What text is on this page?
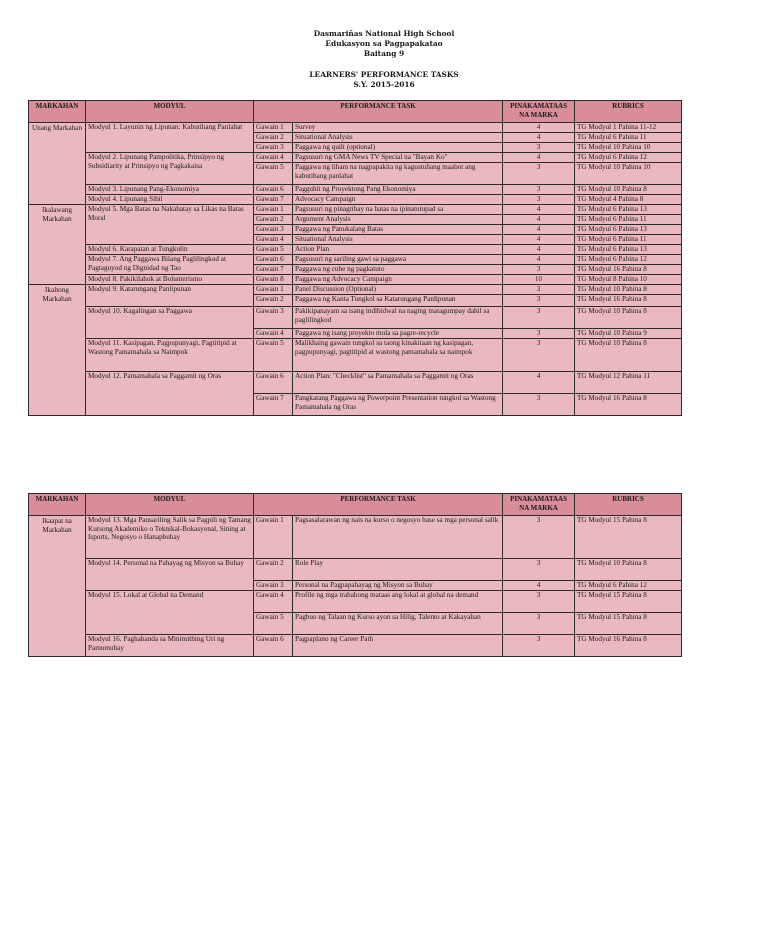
Dasmariñas National High School
Edukasyon sa Pagpapakatao
Baitang 9
LEARNERS' PERFORMANCE TASKS
S.Y. 2015-2016
MARKAHAN	MODYUL	PERFORMANCE TASK		PINAKAMATAAS NA MARKA	RUBRICS
Unang Markahan	Modyul 1. Layunin ng Lipunan: Kabutihang Panlahat	Gawain 1	Survey	4	TG Modyul 1 Pahina 11-12
		Gawain 2	Situational Analysis	4	TG Modyul 6 Pahina 11
		Gawain 3	Paggawa ng quilt (optional)	3	TG Modyul 10 Pahina 10
	Modyul 2. Lipunang Pampolitika, Prinsipyo ng Subsidiarity at Prinsipyo ng Pagkakaisa	Gawain 4	Pagsusuri ng GMA News TV Special na "Bayan Ko"	4	TG Modyul 6 Pahina 12
		Gawain 5	Paggawa ng liham na nagpapakita ng kagustuhang maabot ang kabutihang panlahat	3	TG Modyul 10 Pahina 10
	Modyul 3. Lipunang Pang-Ekonomiya	Gawain 6	Pagguhit ng Proyektong Pang Ekonomiya	3	TG Modyul 10 Pahina 8
	Modyul 4. Lipunang Sibil	Gawain 7	Advocacy Campaign	3	TG Modyul 4 Pahina 8
Ikalawang Markahan	Modyul 5. Mga Batas na Nakahatay sa Likas na Batas Moral	Gawain 1	Pagsusuri ng pinagtibay na batas na ipinatutupad sa	4	TG Modyul 6 Pahina 13
		Gawain 2	Argument Analysis	4	TG Modyul 6 Pahina 11
		Gawain 3	Paggawa ng Panukalang Batas	4	TG Modyul 6 Pahina 13
		Gawain 4	Situational Analysis	4	TG Modyul 6 Pahina 11
	Modyul 6. Karapatan at Tungkulin	Gawain 5	Action Plan	4	TG Modyul 6 Pahina 13
	Modyul 7. Ang Paggawa Bilang Paglilingkod at Pagtaguyod ng Dignidad ng Tao	Gawain 6	Pagsusuri ng sariling gawi sa paggawa	4	TG Modyul 6 Pahina 12
		Gawain 7	Paggawa ng cube ng pagkatuto	3	TG Modyul 16 Pahina 8
	Modyul 8. Pakikilahok at Bolunterismo	Gawain 8	Paggawa ng Advocacy Campaign	10	TG Modyul 8 Pahina 10
Ikaltong Markahan	Modyul 9. Katarungang Panlipunan	Gawain 1	Panel Discussion (Optional)	3	TG Modyul 10 Pahina 8
		Gawain 2	Paggawa ng Kanta Tungkol sa Katarungang Panlipunan	3	TG Modyul 16 Pahina 8
	Modyul 10. Kagalingan sa Paggawa	Gawain 3	Pakikipanayam sa isang indibidwal na naging matagumpay dahil sa paglilingkod	3	TG Modyul 10 Pahina 8
		Gawain 4	Paggawa ng isang proyekto mula sa pagre-recycle	3	TG Modyul 10 Pahina 9
	Modyul 11. Kasipagan, Pagpupunyagi, Pagtitipid at Wastong Pamamahala sa Naimpok	Gawain 5	Malikhaing gawain tungkol sa taong kinakitaan ng kasipagan, pagpupunyagi, pagtitipid at wastong pamamahala sa naimpok	3	TG Modyul 10 Pahina 8
	Modyul 12. Pamamahala sa Paggamit ng Oras	Gawain 6	Action Plan: "Checklist" sa Pamamahala sa Paggamit ng Oras	4	TG Modyul 12 Pahina 11
		Gawain 7	Pangkatang Paggawa ng Powerpoint Presentation tungkol sa Wastong Pamamahala ng Oras	3	TG Modyul 16 Pahina 8
MARKAHAN	MODYUL	PERFORMANCE TASK		PINAKAMATAAS NA MARKA	RUBRICS
Ikaapat na Markahan	Modyul 13. Mga Pansariling Salik sa Pagpili ng Tamang Kursong Akademiko o Teknikal-Bokasyonal, Sining at Isports, Negosyo o Hanapbuhay	Gawain 1	Pagsasalarawan ng nais na kurso o negosyo base sa mga personal salik	3	TG Modyul 15 Pahina 8
	Modyul 14. Personal na Pahayag ng Misyon sa Buhay	Gawain 2	Role Play	3	TG Modyul 10 Pahina 8
		Gawain 3	Personal na Pagpapahayag ng Misyon sa Buhay	4	TG Modyul 6 Pahina 12
	Modyul 15. Lokal at Global na Demand	Gawain 4	Profile ng mga trabahong mataas ang lokal at global na demand	3	TG Modyul 15 Pahina 8
		Gawain 5	Pagbuo ng Talaan ng Kurso ayon sa Hilig, Talento at Kakayahan	3	TG Modyul 15 Pahina 8
	Modyul 16. Paghahanda sa Minimithing Uri ng Pamumuhay	Gawain 6	Pagpaplano ng Career Path	3	TG Modyul 16 Pahina 8
